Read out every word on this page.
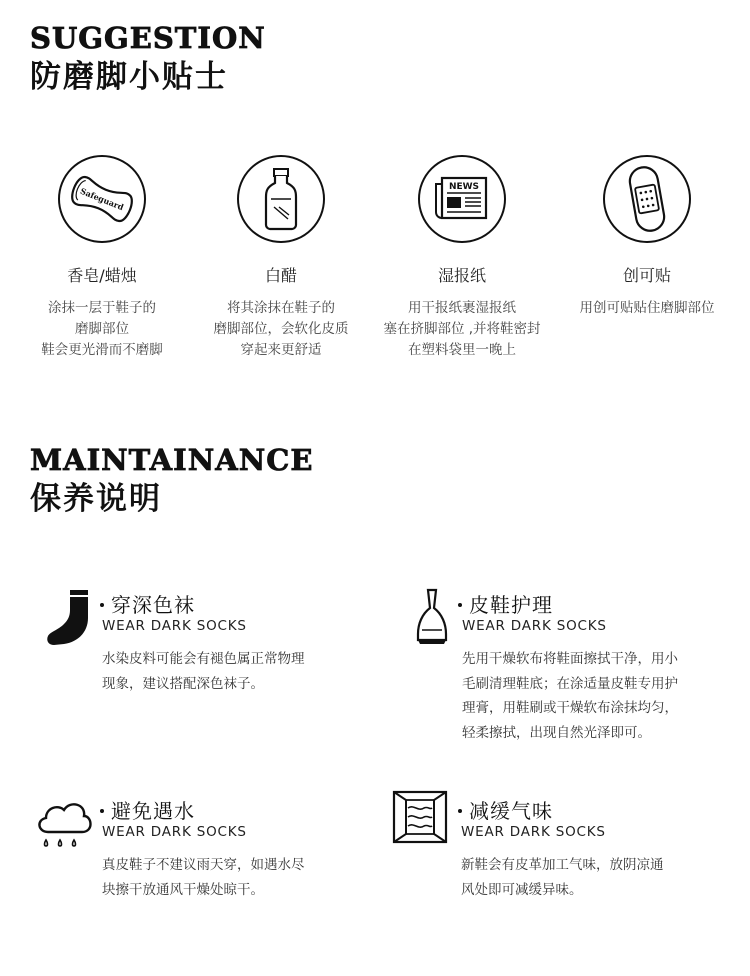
SUGGESTION
防磨脚小贴士
Safeguard
香皂/蜡烛
涂抹一层于鞋子的
磨脚部位
鞋会更光滑而不磨脚
白醋
将其涂抹在鞋子的
磨脚部位，会软化皮质
穿起来更舒适
NEWS
湿报纸
用干报纸裹湿报纸
塞在挤脚部位 ,并将鞋密封
在塑料袋里一晚上
创可贴
用创可贴贴住磨脚部位
MAINTAINANCE
保养说明
穿深色袜
WEAR DARK SOCKS
水染皮料可能会有褪色属正常物理
现象，建议搭配深色袜子。
皮鞋护理
WEAR DARK SOCKS
先用干燥软布将鞋面擦拭干净，用小
毛刷清理鞋底；在涂适量皮鞋专用护
理膏，用鞋刷或干燥软布涂抹均匀，
轻柔擦拭，出现自然光泽即可。
避免遇水
WEAR DARK SOCKS
真皮鞋子不建议雨天穿，如遇水尽
块擦干放通风干燥处晾干。
减缓气味
WEAR DARK SOCKS
新鞋会有皮革加工气味，放阴凉通
风处即可减缓异味。
